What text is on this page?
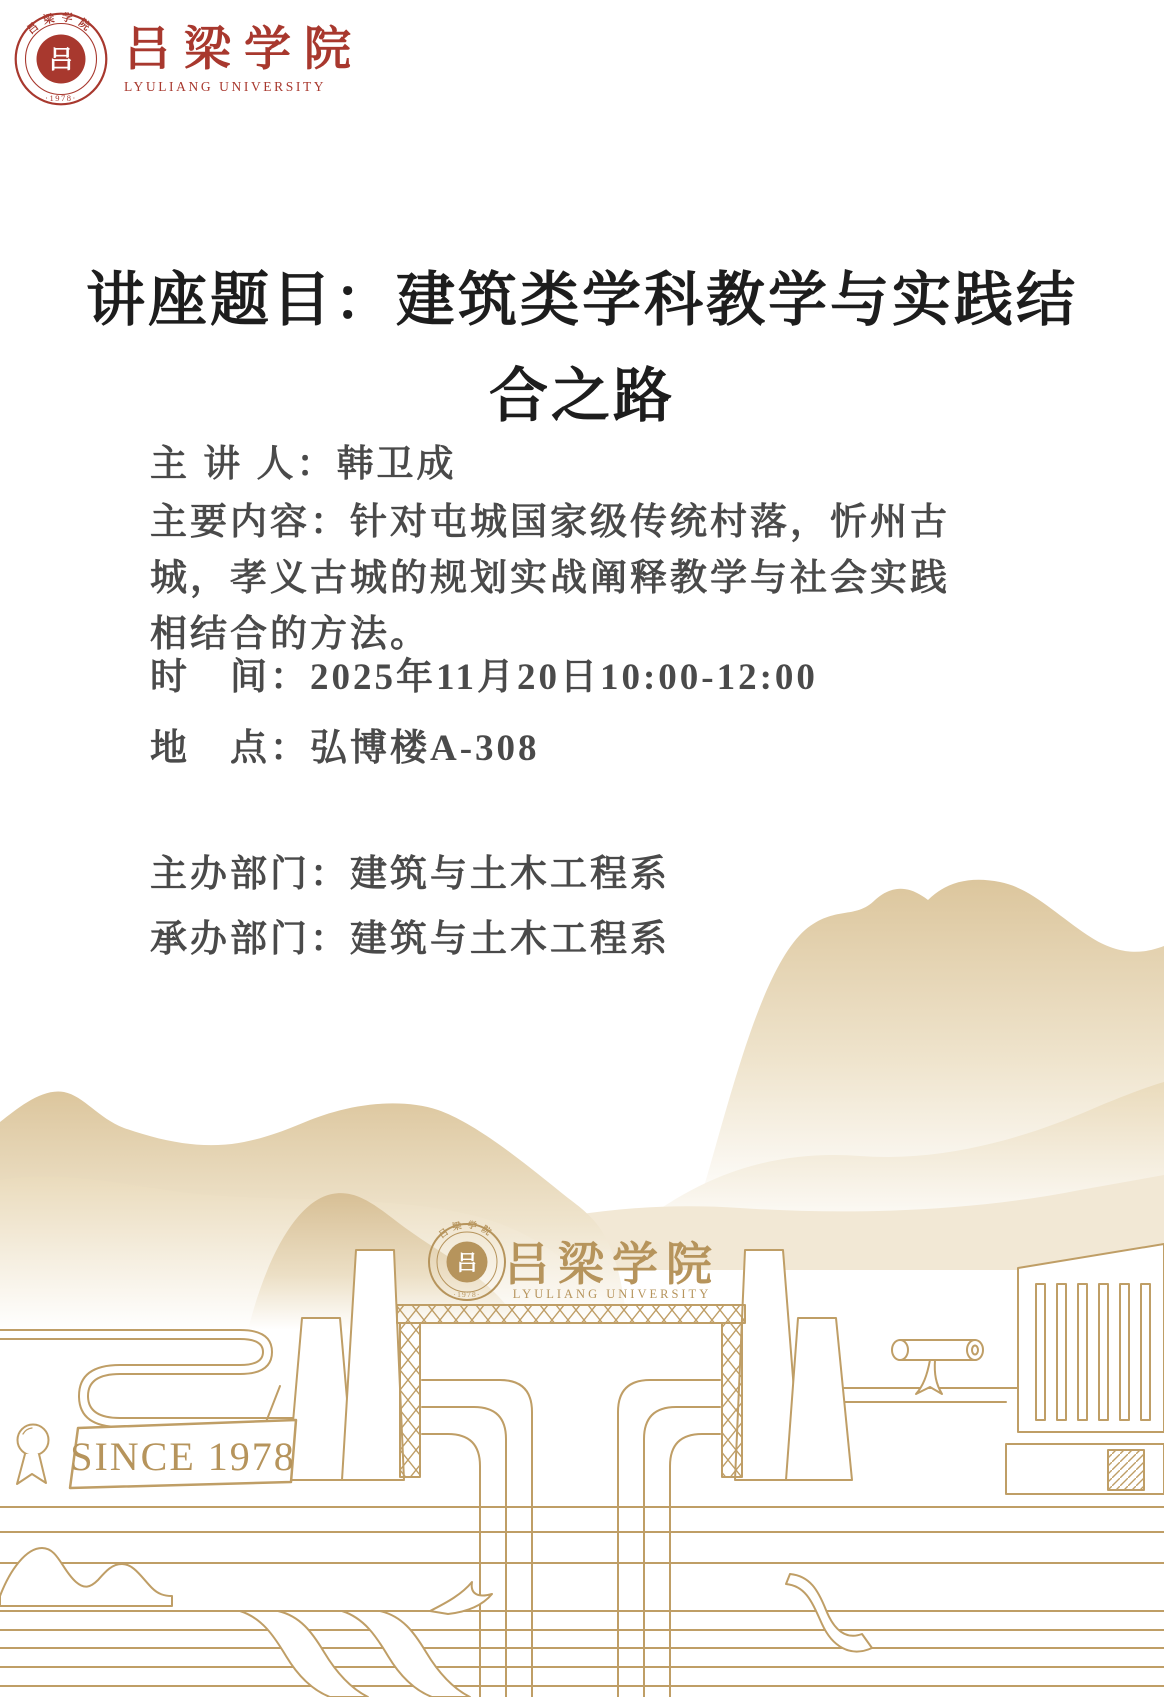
吕
吕梁学院
·1978·
吕梁学院
LYULIANG UNIVERSITY
讲座题目：建筑类学科教学与实践结
合之路
主 讲 人：韩卫成
主要内容：针对屯城国家级传统村落，忻州古
城，孝义古城的规划实战阐释教学与社会实践
相结合的方法。
时　间：2025年11月20日10:00-12:00
地　点：弘博楼A-308
主办部门：建筑与土木工程系
承办部门：建筑与土木工程系
SINCE 1978
吕
吕梁学院
·1978·
吕梁学院
LYULIANG UNIVERSITY
